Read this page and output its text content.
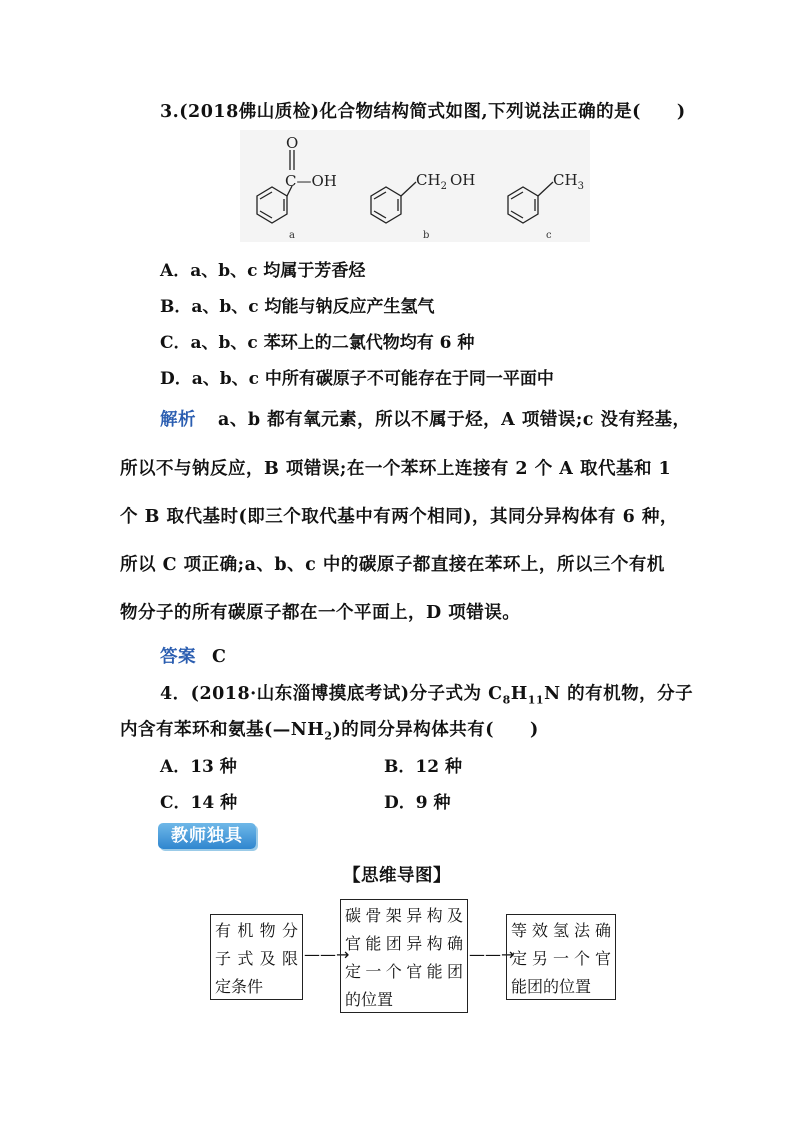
3.(2018佛山质检)化合物结构简式如图,下列说法正确的是(　　)
O
C—OH	$CH_2$ OH	$CH_3$
a	b	c
A．a、b、c 均属于芳香烃
B．a、b、c 均能与钠反应产生氢气
C．a、b、c 苯环上的二氯代物均有 6 种
D．a、b、c 中所有碳原子不可能存在于同一平面中
解析 a、b 都有氧元素，所以不属于烃，A 项错误;c 没有羟基，
所以不与钠反应，B 项错误;在一个苯环上连接有 2 个 A 取代基和 1
个 B 取代基时(即三个取代基中有两个相同)，其同分异构体有 6 种，
所以 C 项正确;a、b、c 中的碳原子都直接在苯环上，所以三个有机
物分子的所有碳原子都在一个平面上，D 项错误。
答案 C
4．(2018·山东淄博摸底考试)分子式为 $C_8H_{11}N$ 的有机物，分子
内含有苯环和氨基$(—NH_2)$的同分异构体共有(　　)
A．13 种	B．12 种
C．14 种	D．9 种
教师独具
【思维导图】
有机物分
子式及限
定条件
——→
碳骨架异构及
官能团异构确
定一个官能团
的位置
——→
等效氢法确
定另一个官
能团的位置
